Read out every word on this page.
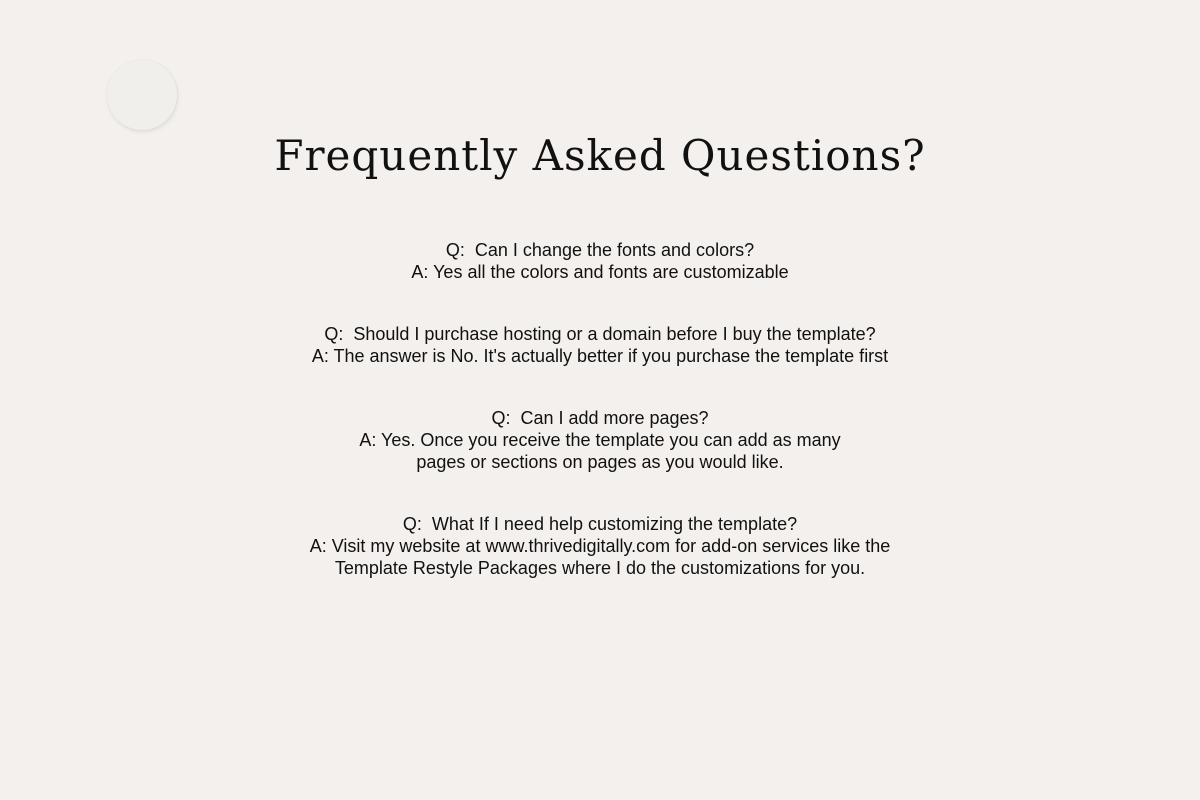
Frequently Asked Questions?
Q:  Can I change the fonts and colors?
A: Yes all the colors and fonts are customizable
Q:  Should I purchase hosting or a domain before I buy the template?
A: The answer is No. It's actually better if you purchase the template first
Q:  Can I add more pages?
A: Yes. Once you receive the template you can add as many
pages or sections on pages as you would like.
Q:  What If I need help customizing the template?
A: Visit my website at www.thrivedigitally.com for add-on services like the
Template Restyle Packages where I do the customizations for you.
